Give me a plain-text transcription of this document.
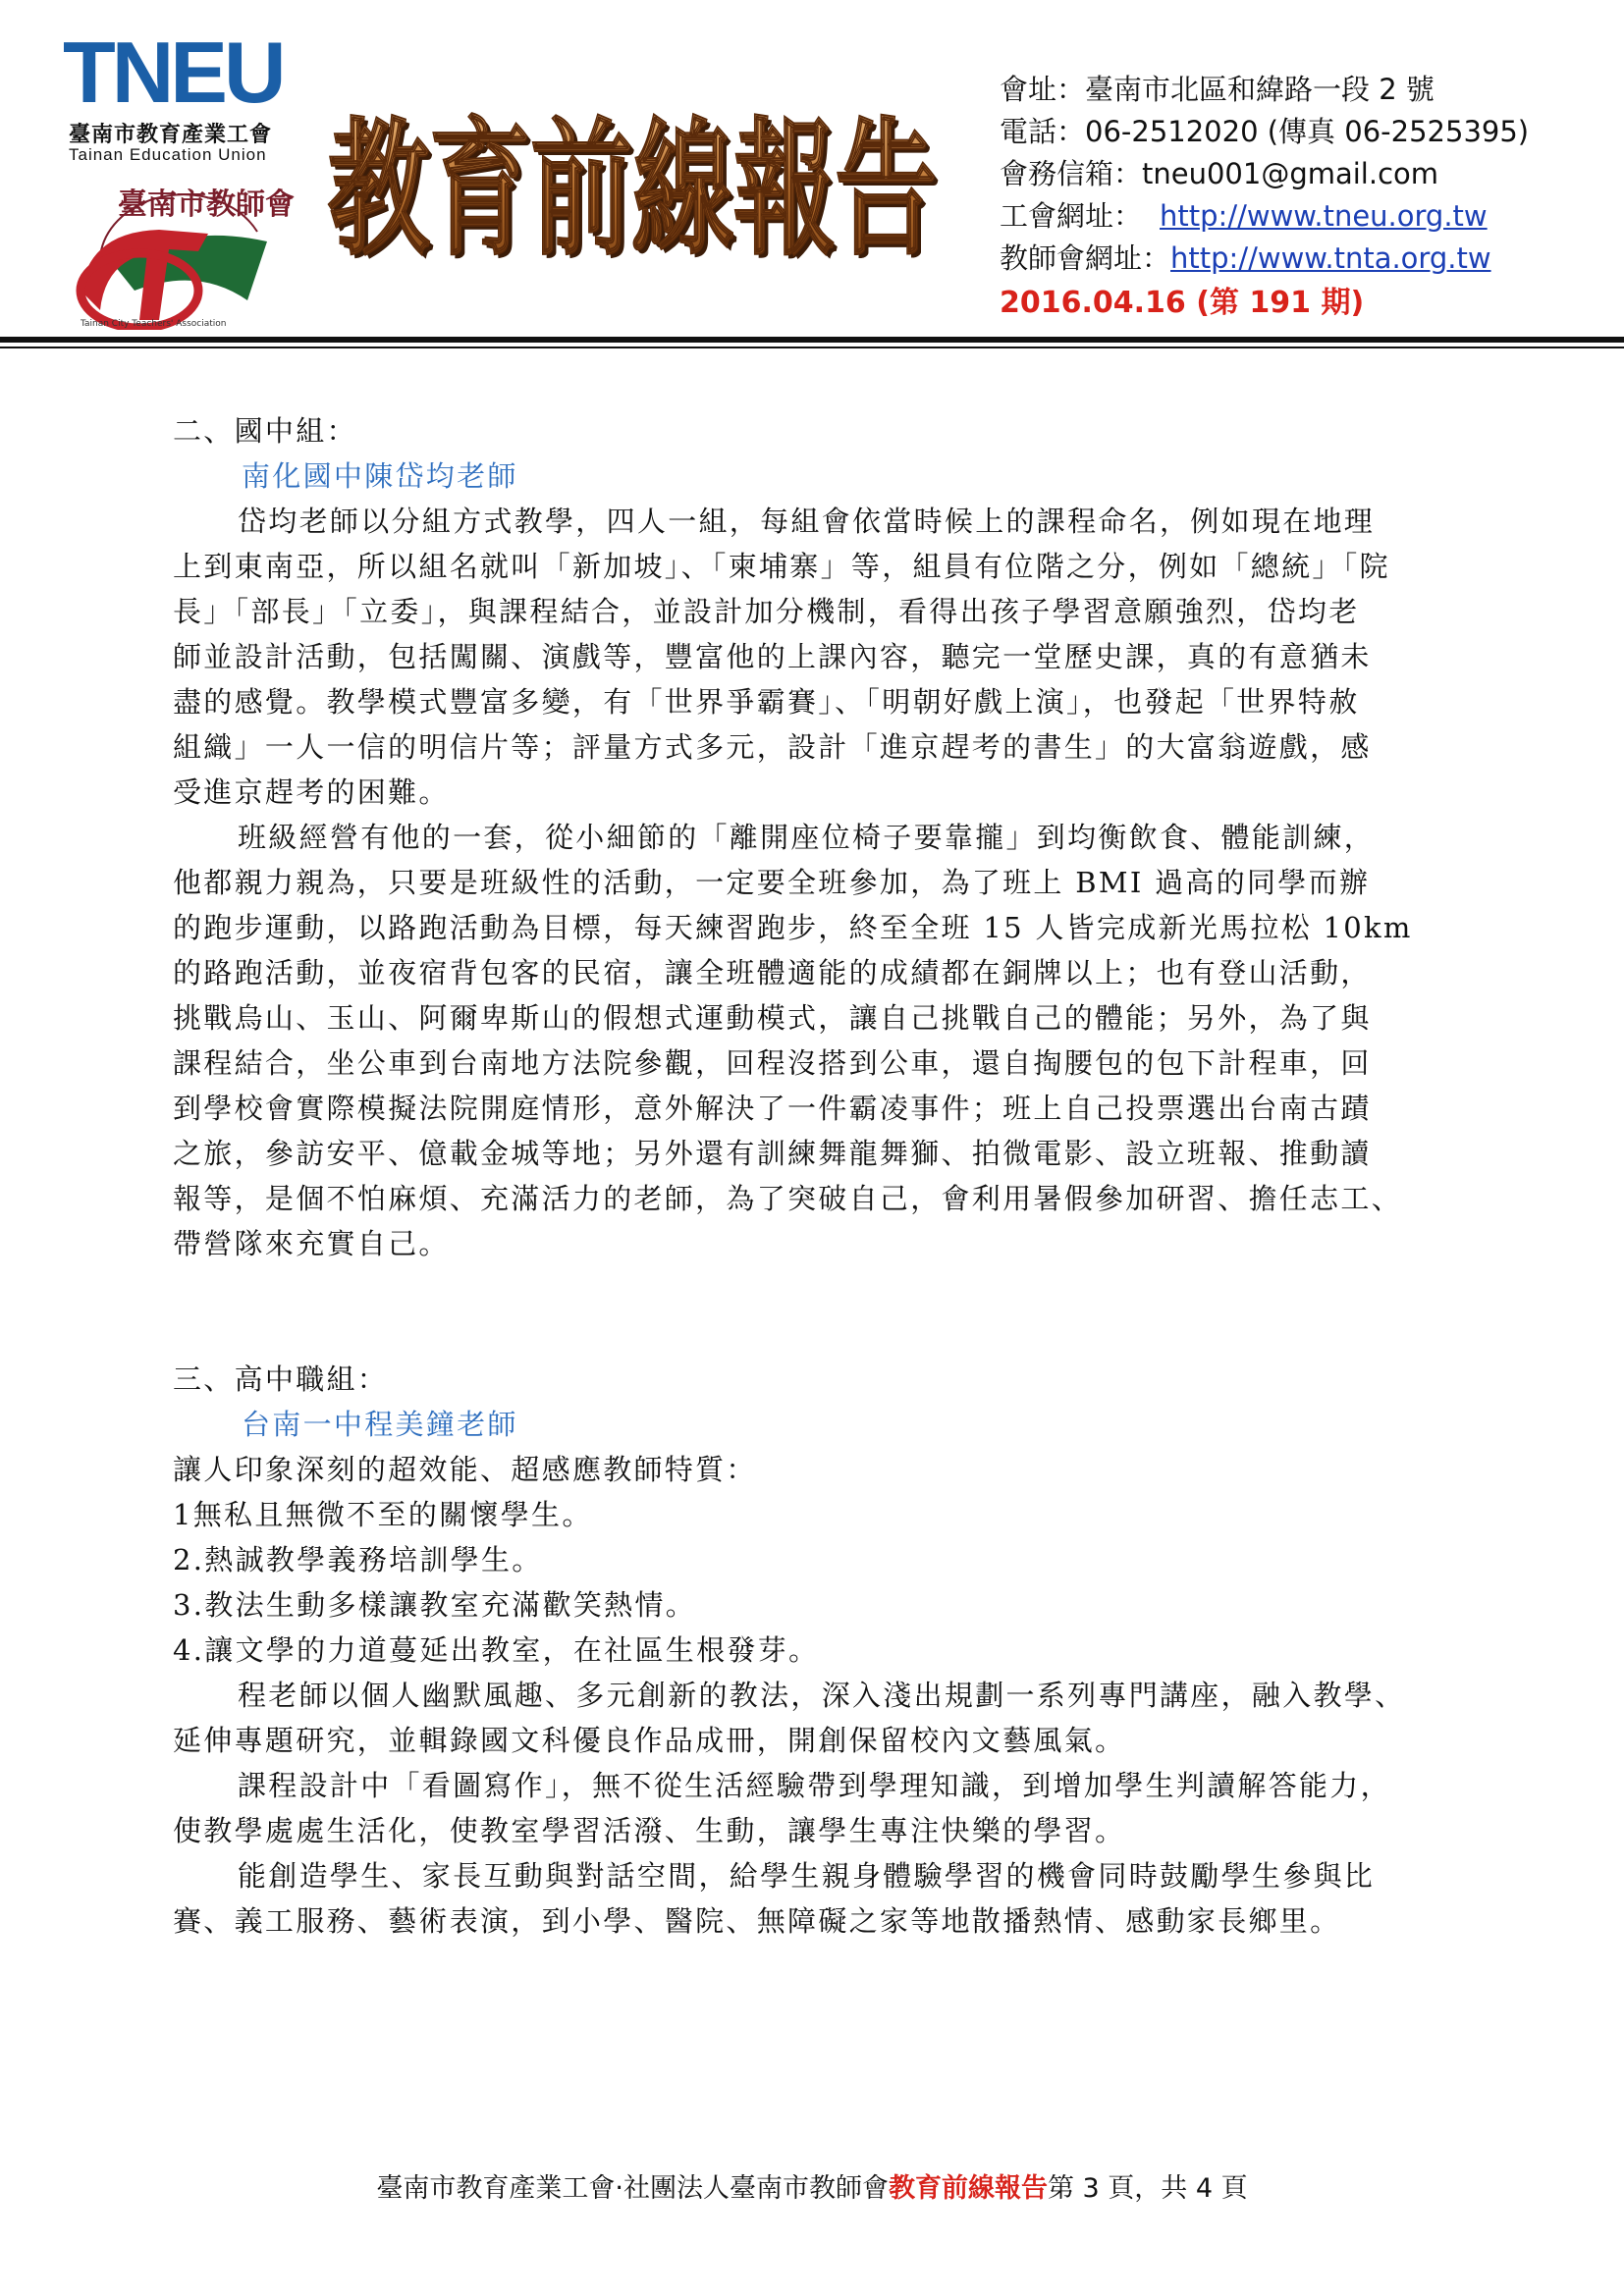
TNEU
臺南市教育產業工會
Tainan Education Union
臺南市教師會
Tainan City Teachers' Association
教育前線報告
教育前線報告
會址：臺南市北區和緯路一段 2 號
電話：06-2512020 (傳真 06-2525395)
會務信箱：tneu001@gmail.com
工會網址： http://www.tneu.org.tw
教師會網址：http://www.tnta.org.tw
2016.04.16 (第 191 期)
二、國中組：
南化國中陳岱均老師
岱均老師以分組方式教學，四人一組，每組會依當時候上的課程命名，例如現在地理
上到東南亞，所以組名就叫「新加坡」、「柬埔寨」等，組員有位階之分，例如「總統」「院
長」「部長」「立委」，與課程結合，並設計加分機制，看得出孩子學習意願強烈，岱均老
師並設計活動，包括闖關、演戲等，豐富他的上課內容，聽完一堂歷史課，真的有意猶未
盡的感覺。教學模式豐富多變，有「世界爭霸賽」、「明朝好戲上演」，也發起「世界特赦
組織」一人一信的明信片等；評量方式多元，設計「進京趕考的書生」的大富翁遊戲，感
受進京趕考的困難。
班級經營有他的一套，從小細節的「離開座位椅子要靠攏」到均衡飲食、體能訓練，
他都親力親為，只要是班級性的活動，一定要全班參加，為了班上 BMI 過高的同學而辦
的跑步運動，以路跑活動為目標，每天練習跑步，終至全班 15 人皆完成新光馬拉松 10km
的路跑活動，並夜宿背包客的民宿，讓全班體適能的成績都在銅牌以上；也有登山活動，
挑戰烏山、玉山、阿爾卑斯山的假想式運動模式，讓自己挑戰自己的體能；另外，為了與
課程結合，坐公車到台南地方法院參觀，回程沒搭到公車，還自掏腰包的包下計程車，回
到學校會實際模擬法院開庭情形，意外解決了一件霸凌事件；班上自己投票選出台南古蹟
之旅，參訪安平、億載金城等地；另外還有訓練舞龍舞獅、拍微電影、設立班報、推動讀
報等，是個不怕麻煩、充滿活力的老師，為了突破自己，會利用暑假參加研習、擔任志工、
帶營隊來充實自己。
三、高中職組：
台南一中程美鐘老師
讓人印象深刻的超效能、超感應教師特質：
1無私且無微不至的關懷學生。
2.熱誠教學義務培訓學生。
3.教法生動多樣讓教室充滿歡笑熱情。
4.讓文學的力道蔓延出教室，在社區生根發芽。
程老師以個人幽默風趣、多元創新的教法，深入淺出規劃一系列專門講座，融入教學、
延伸專題研究，並輯錄國文科優良作品成冊，開創保留校內文藝風氣。
課程設計中「看圖寫作」，無不從生活經驗帶到學理知識，到增加學生判讀解答能力，
使教學處處生活化，使教室學習活潑、生動，讓學生專注快樂的學習。
能創造學生、家長互動與對話空間，給學生親身體驗學習的機會同時鼓勵學生參與比
賽、義工服務、藝術表演，到小學、醫院、無障礙之家等地散播熱情、感動家長鄉里。
臺南市教育產業工會‧社團法人臺南市教師會教育前線報告第 3 頁，共 4 頁
